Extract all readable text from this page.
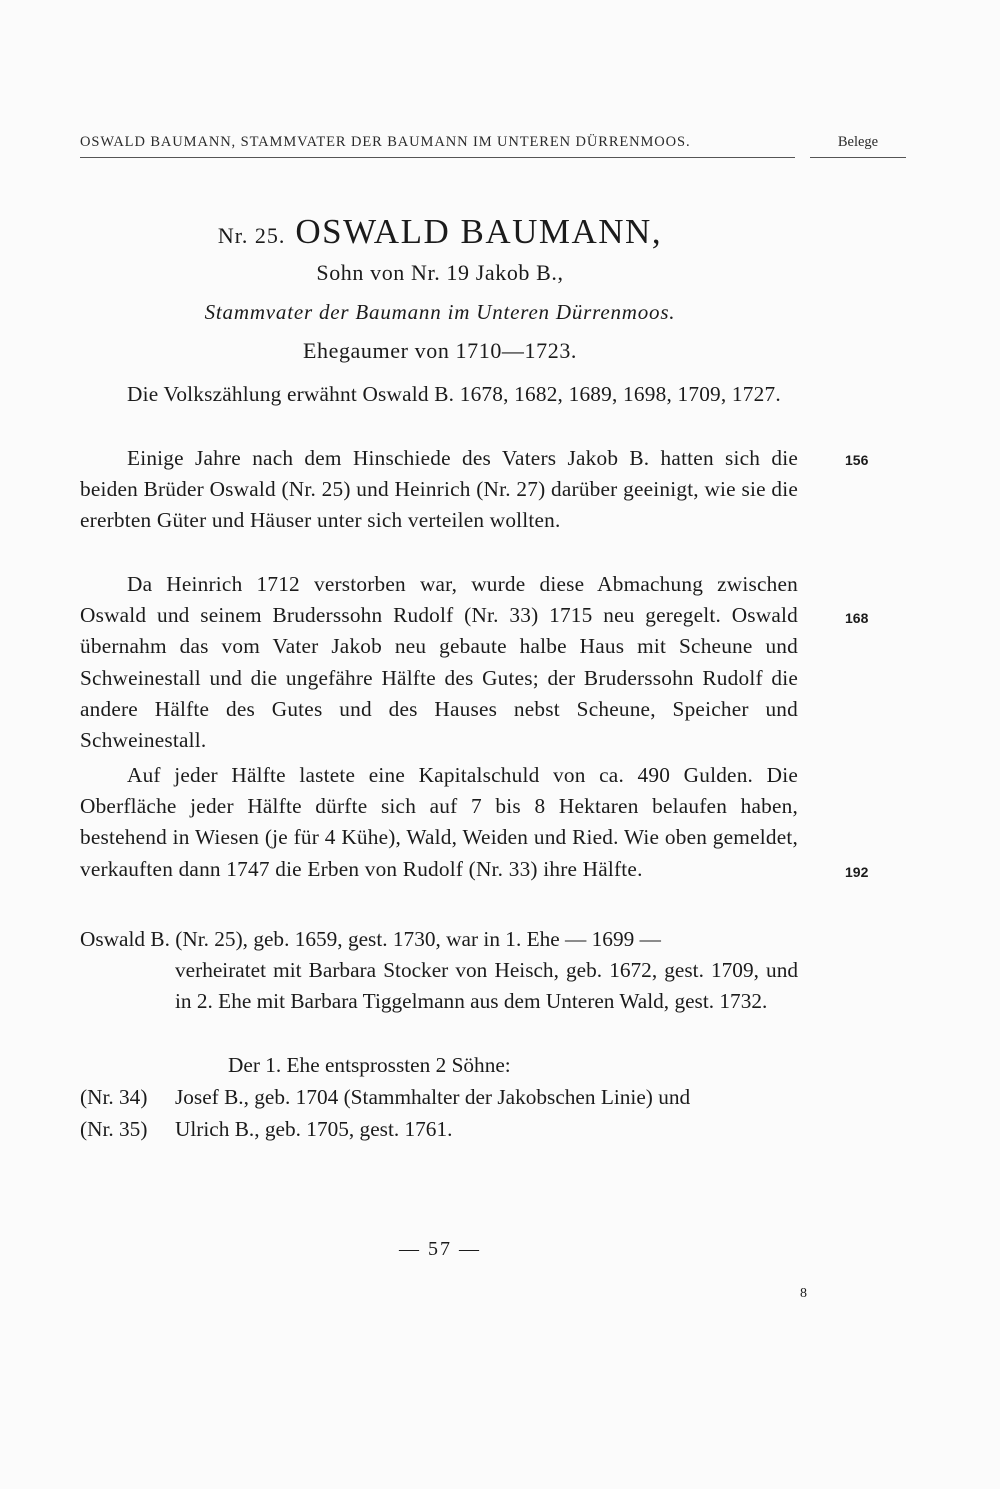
OSWALD BAUMANN, STAMMVATER DER BAUMANN IM UNTEREN DÜRRENMOOS.	Belege
Nr. 25. OSWALD BAUMANN,
Sohn von Nr. 19 Jakob B.,
Stammvater der Baumann im Unteren Dürrenmoos.
Ehegaumer von 1710—1723.
Die Volkszählung erwähnt Oswald B. 1678, 1682, 1689, 1698, 1709, 1727.
Einige Jahre nach dem Hinschiede des Vaters Jakob B. hatten sich die beiden Brüder Oswald (Nr. 25) und Heinrich (Nr. 27) darüber geeinigt, wie sie die ererbten Güter und Häuser unter sich verteilen wollten.
Da Heinrich 1712 verstorben war, wurde diese Abmachung zwischen Oswald und seinem Bruderssohn Rudolf (Nr. 33) 1715 neu geregelt. Oswald übernahm das vom Vater Jakob neu gebaute halbe Haus mit Scheune und Schweinestall und die ungefähre Hälfte des Gutes; der Bruderssohn Rudolf die andere Hälfte des Gutes und des Hauses nebst Scheune, Speicher und Schweinestall.
Auf jeder Hälfte lastete eine Kapitalschuld von ca. 490 Gulden. Die Oberfläche jeder Hälfte dürfte sich auf 7 bis 8 Hektaren belaufen haben, bestehend in Wiesen (je für 4 Kühe), Wald, Weiden und Ried. Wie oben gemeldet, verkauften dann 1747 die Erben von Rudolf (Nr. 33) ihre Hälfte.
156
168
192
Oswald B. (Nr. 25), geb. 1659, gest. 1730, war in 1. Ehe — 1699 —
verheiratet mit Barbara Stocker von Heisch, geb. 1672, gest. 1709, und in 2. Ehe mit Barbara Tiggelmann aus dem Unteren Wald, gest. 1732.
Der 1. Ehe entsprossten 2 Söhne:
(Nr. 34) Josef B., geb. 1704 (Stammhalter der Jakobschen Linie) und
(Nr. 35) Ulrich B., geb. 1705, gest. 1761.
— 57 —
8
